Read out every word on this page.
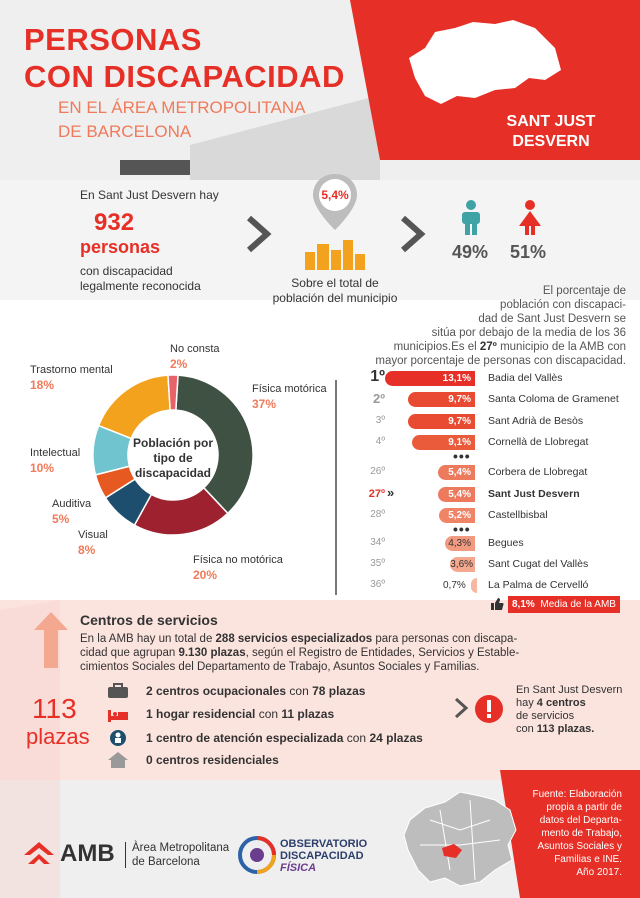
PERSONAS
CON DISCAPACIDAD
EN EL ÁREA METROPOLITANA
DE BARCELONA
SANT JUST
DESVERN
En Sant Just Desvern hay
932
personas
con discapacidad
legalmente reconocida
5,4%
Sobre el total de
población del municipio
49% 51%
El porcentaje de
población con discapaci-
dad de Sant Just Desvern se
sitúa por debajo de la media de los 36
municipios.Es el 27º municipio de la AMB con
mayor porcentaje de personas con discapacidad.
Población por
tipo de
discapacidad
Física motórica
37%
Física no motórica
20%
Visual
8%
Auditiva
5%
Intelectual
10%
Trastorno mental
18%
No consta
2%
1º	13,1%	Badia del Vallès
2º	9,7%	Santa Coloma de Gramenet
3º	9,7%	Sant Adrià de Besòs
4º	9,1%	Cornellà de Llobregat
26º	5,4%	Corbera de Llobregat
27º	5,4%	Sant Just Desvern
28º	5,2%	Castellbisbal
34º	4,3%	Begues
35º	3,6% Sant Cugat del Vallès
36º	0,7%	La Palma de Cervelló
•••
•••
»
8,1% Media de la AMB
Centros de servicios
En la AMB hay un total de 288 servicios especializados para personas con discapa-
cidad que agrupan 9.130 plazas, según el Registro de Entidades, Servicios y Estable-
cimientos Sociales del Departamento de Trabajo, Asuntos Sociales y Familias.
113
plazas
2 centros ocupacionales con 78 plazas
1 hogar residencial con 11 plazas
1 centro de atención especializada con 24 plazas
0 centros residenciales
En Sant Just Desvern
hay 4 centros
de servicios
con 113 plazas.
AMB Àrea Metropolitana
de Barcelona
OBSERVATORIO
DISCAPACIDAD
FÍSICA
Fuente: Elaboración
propia a partir de
datos del Departa-
mento de Trabajo,
Asuntos Sociales y
Familias e INE.
Año 2017.
